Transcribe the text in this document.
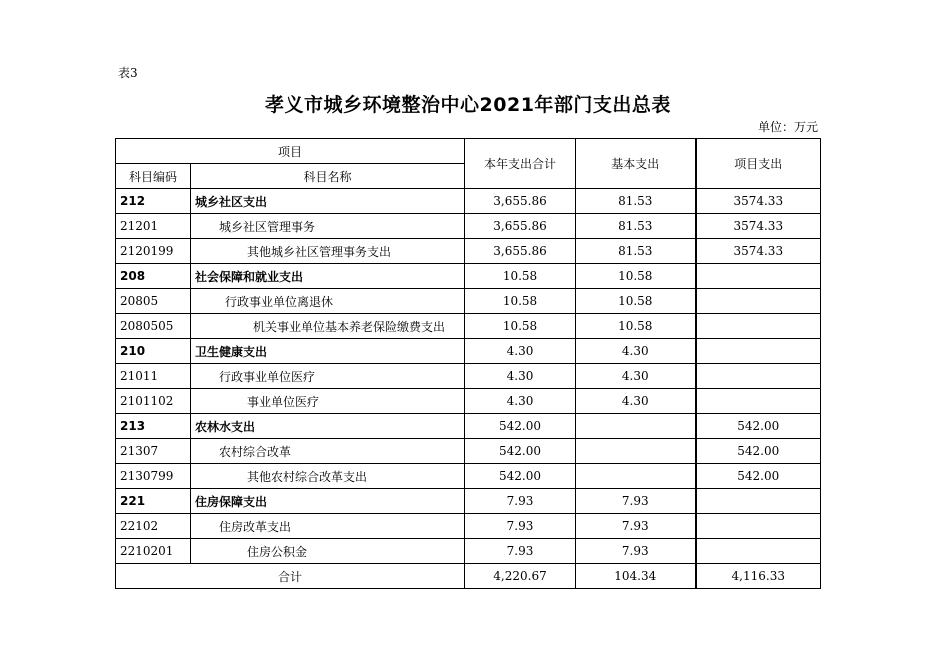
表3
孝义市城乡环境整治中心2021年部门支出总表
单位：万元
项目		本年支出合计	基本支出	项目支出
科目编码	科目名称			
212	城乡社区支出	3,655.86	81.53	3574.33
21201	城乡社区管理事务	3,655.86	81.53	3574.33
2120199	其他城乡社区管理事务支出	3,655.86	81.53	3574.33
208	社会保障和就业支出	10.58	10.58	
20805	行政事业单位离退休	10.58	10.58	
2080505	机关事业单位基本养老保险缴费支出	10.58	10.58	
210	卫生健康支出	4.30	4.30	
21011	行政事业单位医疗	4.30	4.30	
2101102	事业单位医疗	4.30	4.30	
213	农林水支出	542.00		542.00
21307	农村综合改革	542.00		542.00
2130799	其他农村综合改革支出	542.00		542.00
221	住房保障支出	7.93	7.93	
22102	住房改革支出	7.93	7.93	
2210201	住房公积金	7.93	7.93	
合计		4,220.67	104.34	4,116.33
